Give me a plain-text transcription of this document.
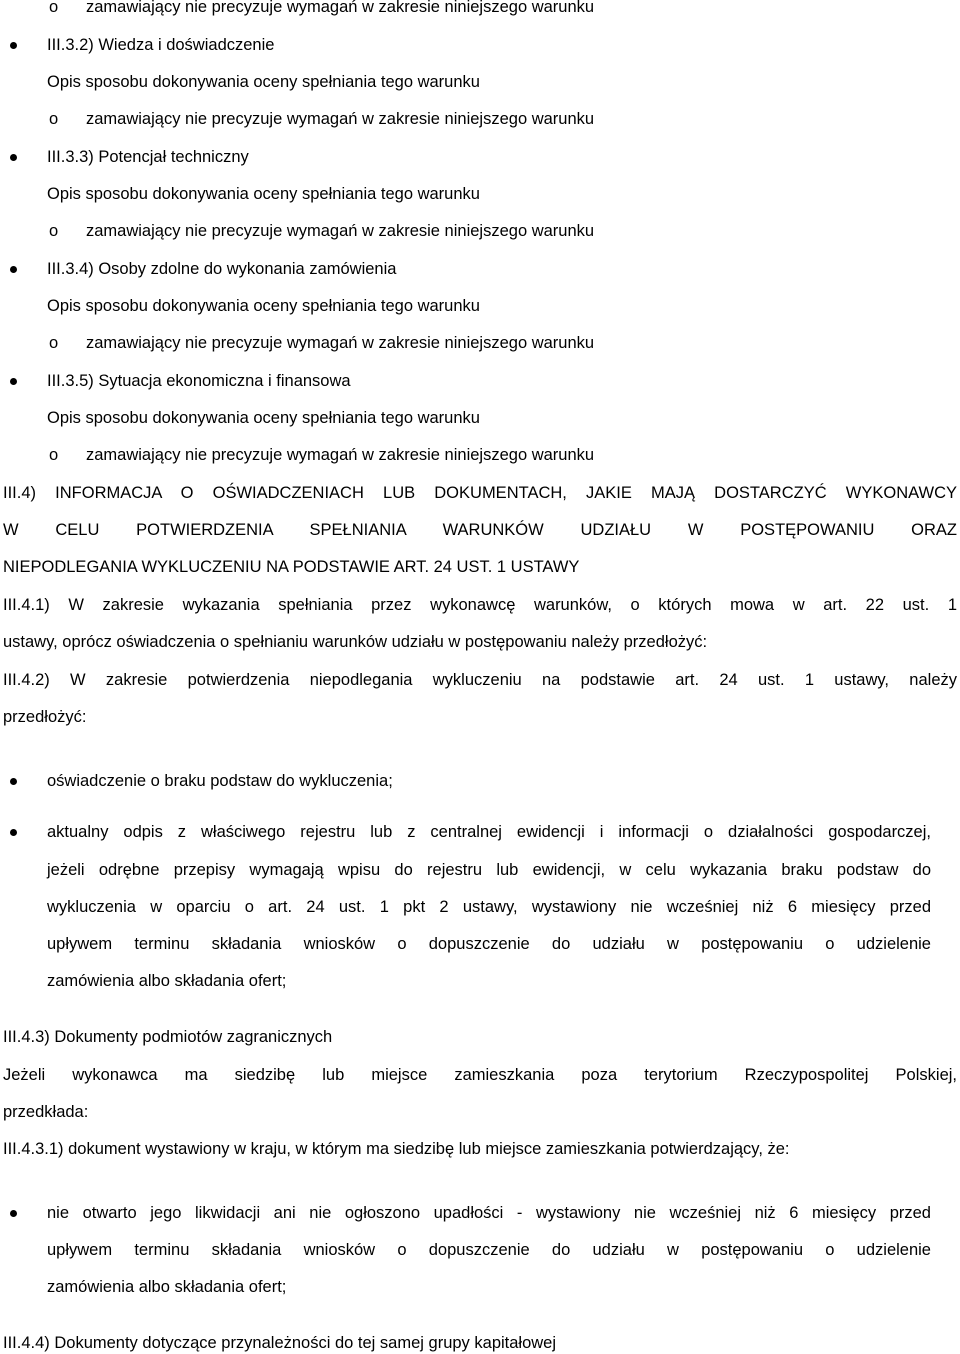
o zamawiający nie precyzuje wymagań w zakresie niniejszego warunku
III.3.2) Wiedza i doświadczenie
Opis sposobu dokonywania oceny spełniania tego warunku
o zamawiający nie precyzuje wymagań w zakresie niniejszego warunku
III.3.3) Potencjał techniczny
Opis sposobu dokonywania oceny spełniania tego warunku
o zamawiający nie precyzuje wymagań w zakresie niniejszego warunku
III.3.4) Osoby zdolne do wykonania zamówienia
Opis sposobu dokonywania oceny spełniania tego warunku
o zamawiający nie precyzuje wymagań w zakresie niniejszego warunku
III.3.5) Sytuacja ekonomiczna i finansowa
Opis sposobu dokonywania oceny spełniania tego warunku
o zamawiający nie precyzuje wymagań w zakresie niniejszego warunku
III.4) INFORMACJA O OŚWIADCZENIACH LUB DOKUMENTACH, JAKIE MAJĄ DOSTARCZYĆ WYKONAWCY
W CELU POTWIERDZENIA SPEŁNIANIA WARUNKÓW UDZIAŁU W POSTĘPOWANIU ORAZ
NIEPODLEGANIA WYKLUCZENIU NA PODSTAWIE ART. 24 UST. 1 USTAWY
III.4.1) W zakresie wykazania spełniania przez wykonawcę warunków, o których mowa w art. 22 ust. 1
ustawy, oprócz oświadczenia o spełnianiu warunków udziału w postępowaniu należy przedłożyć:
III.4.2) W zakresie potwierdzenia niepodlegania wykluczeniu na podstawie art. 24 ust. 1 ustawy, należy
przedłożyć:
oświadczenie o braku podstaw do wykluczenia;
aktualny odpis z właściwego rejestru lub z centralnej ewidencji i informacji o działalności gospodarczej,
jeżeli odrębne przepisy wymagają wpisu do rejestru lub ewidencji, w celu wykazania braku podstaw do
wykluczenia w oparciu o art. 24 ust. 1 pkt 2 ustawy, wystawiony nie wcześniej niż 6 miesięcy przed
upływem terminu składania wniosków o dopuszczenie do udziału w postępowaniu o udzielenie
zamówienia albo składania ofert;
III.4.3) Dokumenty podmiotów zagranicznych
Jeżeli wykonawca ma siedzibę lub miejsce zamieszkania poza terytorium Rzeczypospolitej Polskiej,
przedkłada:
III.4.3.1) dokument wystawiony w kraju, w którym ma siedzibę lub miejsce zamieszkania potwierdzający, że:
nie otwarto jego likwidacji ani nie ogłoszono upadłości - wystawiony nie wcześniej niż 6 miesięcy przed
upływem terminu składania wniosków o dopuszczenie do udziału w postępowaniu o udzielenie
zamówienia albo składania ofert;
III.4.4) Dokumenty dotyczące przynależności do tej samej grupy kapitałowej
